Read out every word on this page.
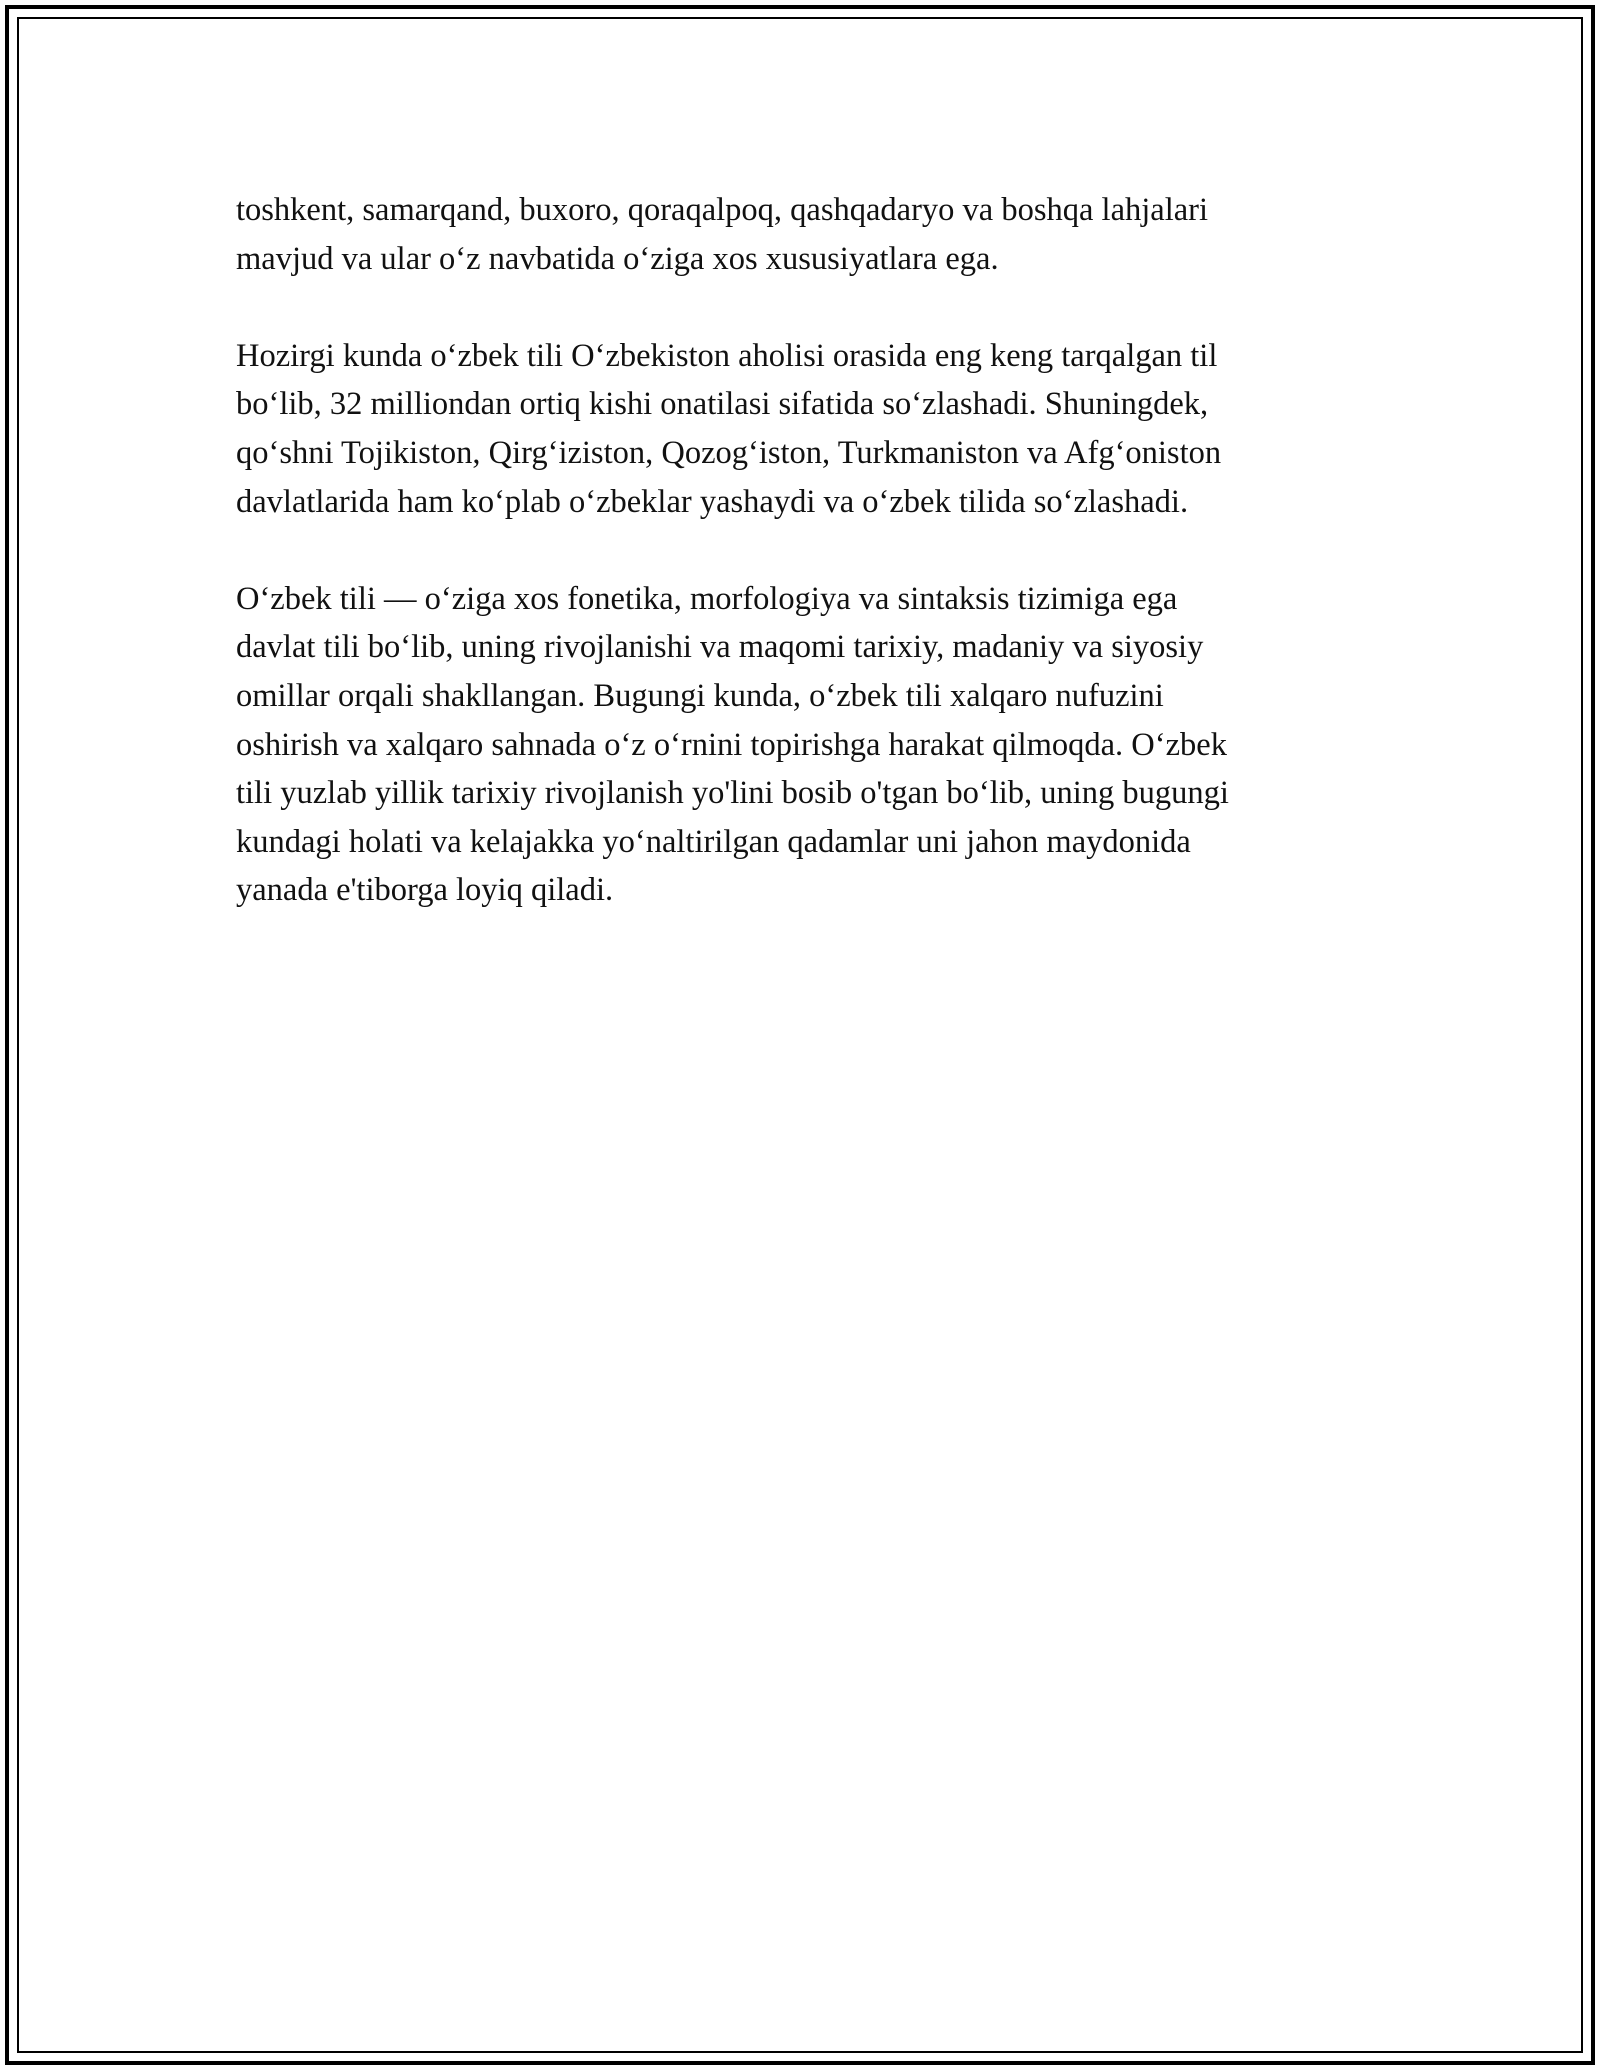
toshkent, samarqand, buxoro, qoraqalpoq, qashqadaryo va boshqa lahjalari
mavjud va ular o‘z navbatida o‘ziga xos xususiyatlara ega.

Hozirgi kunda o‘zbek tili O‘zbekiston aholisi orasida eng keng tarqalgan til
bo‘lib, 32 milliondan ortiq kishi onatilasi sifatida so‘zlashadi. Shuningdek,
qo‘shni Tojikiston, Qirg‘iziston, Qozog‘iston, Turkmaniston va Afg‘oniston
davlatlarida ham ko‘plab o‘zbeklar yashaydi va o‘zbek tilida so‘zlashadi.

O‘zbek tili — o‘ziga xos fonetika, morfologiya va sintaksis tizimiga ega
davlat tili bo‘lib, uning rivojlanishi va maqomi tarixiy, madaniy va siyosiy
omillar orqali shakllangan. Bugungi kunda, o‘zbek tili xalqaro nufuzini
oshirish va xalqaro sahnada o‘z o‘rnini topirishga harakat qilmoqda. O‘zbek
tili yuzlab yillik tarixiy rivojlanish yo'lini bosib o'tgan bo‘lib, uning bugungi
kundagi holati va kelajakka yo‘naltirilgan qadamlar uni jahon maydonida
yanada e'tiborga loyiq qiladi.
